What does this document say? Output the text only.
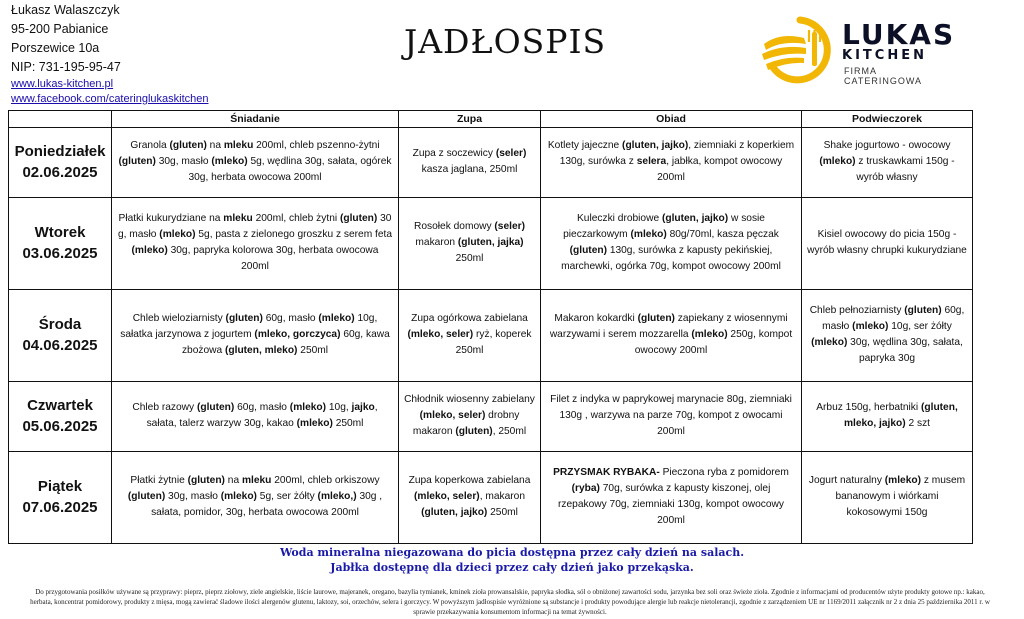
Łukasz Walaszczyk
95-200 Pabianice
Porszewice 10a
NIP: 731-195-95-47
www.lukas-kitchen.pl
www.facebook.com/cateringlukaskitchen
JADŁOSPIS	LUKAS
KITCHEN
FIRMA CATERINGOWA
	Śniadanie	Zupa	Obiad	Podwieczorek

Poniedziałek
02.06.2025	Granola (gluten) na mleku 200ml, chleb pszenno-żytni (gluten) 30g, masło (mleko) 5g, wędlina 30g, sałata, ogórek 30g, herbata owocowa 200ml	Zupa z soczewicy (seler) kasza jaglana, 250ml	Kotlety jajeczne (gluten, jajko), ziemniaki z koperkiem 130g, surówka z selera, jabłka, kompot owocowy 200ml	Shake jogurtowo - owocowy (mleko) z truskawkami 150g - wyrób własny

Wtorek
03.06.2025	Płatki kukurydziane na mleku 200ml, chleb żytni (gluten) 30 g, masło (mleko) 5g, pasta z zielonego groszku z serem feta (mleko) 30g, papryka kolorowa 30g, herbata owocowa 200ml	Rosołek domowy (seler) makaron (gluten, jajka) 250ml	Kuleczki drobiowe (gluten, jajko) w sosie pieczarkowym (mleko) 80g/70ml, kasza pęczak (gluten) 130g, surówka z kapusty pekińskiej, marchewki, ogórka 70g, kompot owocowy 200ml	Kisiel owocowy do picia 150g - wyrób własny chrupki kukurydziane

Środa
04.06.2025	Chleb wieloziarnisty (gluten) 60g, masło (mleko) 10g, sałatka jarzynowa z jogurtem (mleko, gorczyca) 60g, kawa zbożowa (gluten, mleko) 250ml	Zupa ogórkowa zabielana (mleko, seler) ryż, koperek 250ml	Makaron kokardki (gluten) zapiekany z wiosennymi warzywami i serem mozzarella (mleko) 250g, kompot owocowy 200ml	Chleb pełnoziarnisty (gluten) 60g, masło (mleko) 10g, ser żółty (mleko) 30g, wędlina 30g, sałata, papryka 30g

Czwartek
05.06.2025	Chleb razowy (gluten) 60g, masło (mleko) 10g, jajko, sałata, talerz warzyw 30g, kakao (mleko) 250ml	Chłodnik wiosenny zabielany (mleko, seler) drobny makaron (gluten), 250ml	Filet z indyka w paprykowej marynacie 80g, ziemniaki 130g , warzywa na parze 70g, kompot z owocami 200ml	Arbuz 150g, herbatniki (gluten, mleko, jajko) 2 szt

Piątek
07.06.2025	Płatki żytnie (gluten) na mleku 200ml, chleb orkiszowy (gluten) 30g, masło (mleko) 5g, ser żółty (mleko,) 30g , sałata, pomidor, 30g, herbata owocowa 200ml	Zupa koperkowa zabielana (mleko, seler), makaron (gluten, jajko) 250ml	PRZYSMAK RYBAKA- Pieczona ryba z pomidorem (ryba) 70g, surówka z kapusty kiszonej, olej rzepakowy 70g, ziemniaki 130g, kompot owocowy 200ml	Jogurt naturalny (mleko) z musem bananowym i wiórkami kokosowymi 150g
Woda mineralna niegazowana do picia dostępna przez cały dzień na salach.
Jabłka dostępnę dla dzieci przez cały dzień jako przekąska.
Do przygotowania posiłków używane są przyprawy: pieprz, pieprz ziołowy, ziele angielskie, liście laurowe, majeranek, oregano, bazylia tymianek, kminek zioła prowansalskie, papryka słodka, sól o obniżonej zawartości sodu, jarzynka bez soli oraz świeże zioła. Zgodnie z informacjami od producentów użyte produkty gotowe np.: kakao, herbata, koncentrat pomidorowy, produkty z mięsa, mogą zawierać śladowe ilości alergenów glutenu, laktozy, soi, orzechów, selera i gorczycy. W powyższym jadłospisie wyróżnione są substancje i produkty powodujące alergie lub reakcje nietolerancji, zgodnie z zarządzeniem UE nr 1169/2011 załącznik nr 2 z dnia 25 października 2011 r. w sprawie przekazywania konsumentom informacji na temat żywności.
